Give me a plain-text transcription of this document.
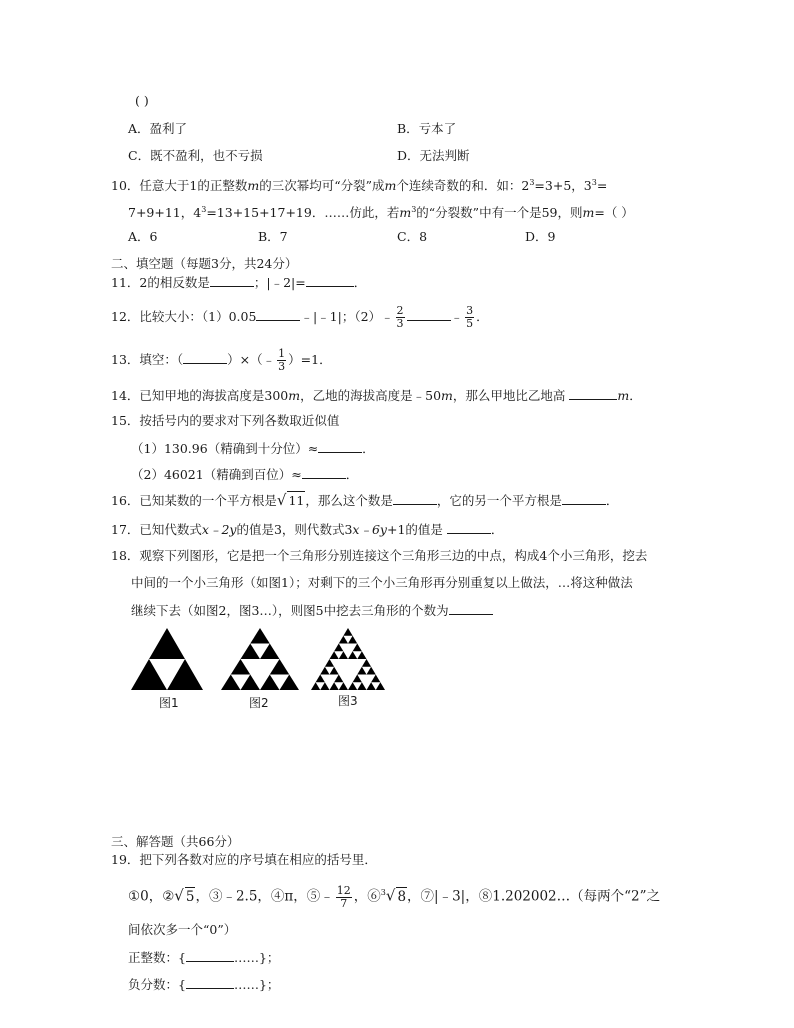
( )
A．盈利了	B．亏本了
C．既不盈利，也不亏损	D．无法判断
10．任意大于1的正整数m的三次幂均可“分裂”成m个连续奇数的和．如：$2^3=3+5$，$3^3=$
7+9+11，$4^3=13+15+17+19$．……仿此，若$m^3$的“分裂数”中有一个是59，则m=（ ）
A．6	B．7	C．8	D．9
二、填空题（每题3分，共24分）
11．2的相反数是	；|﹣2|=	．
12．比较大小：（1）0.05	﹣|﹣1|；（2）﹣ $\frac{2}{3}$	﹣ $\frac{3}{5}$ ．
13．填空：（	）×（﹣ $\frac{1}{3} )=1$．
14．已知甲地的海拔高度是300m，乙地的海拔高度是﹣50m，那么甲地比乙地高	m．
15．按括号内的要求对下列各数取近似值
（1）130.96（精确到十分位）≈	．
（2）46021（精确到百位）≈	．
16．已知某数的一个平方根是√ 11，那么这个数是	，它的另一个平方根是	．
17．已知代数式x﹣2y的值是3，则代数式3x﹣6y+1的值是	．
18．观察下列图形，它是把一个三角形分别连接这个三角形三边的中点，构成4个小三角形，挖去
中间的一个小三角形（如图1）；对剩下的三个小三角形再分别重复以上做法，…将这种做法
继续下去（如图2，图3…），则图5中挖去三角形的个数为
图1	图2	图3
三、解答题（共66分）
19．把下列各数对应的序号填在相应的括号里．
①0，②√ 5，③﹣2.5，④π，⑤﹣ $\frac{12}{7}$ ，⑥$^3$√ 8，⑦|﹣3|，⑧1.202002…（每两个“2”之
间依次多一个“0”）
正整数：{	……}；
负分数：{	……}；
